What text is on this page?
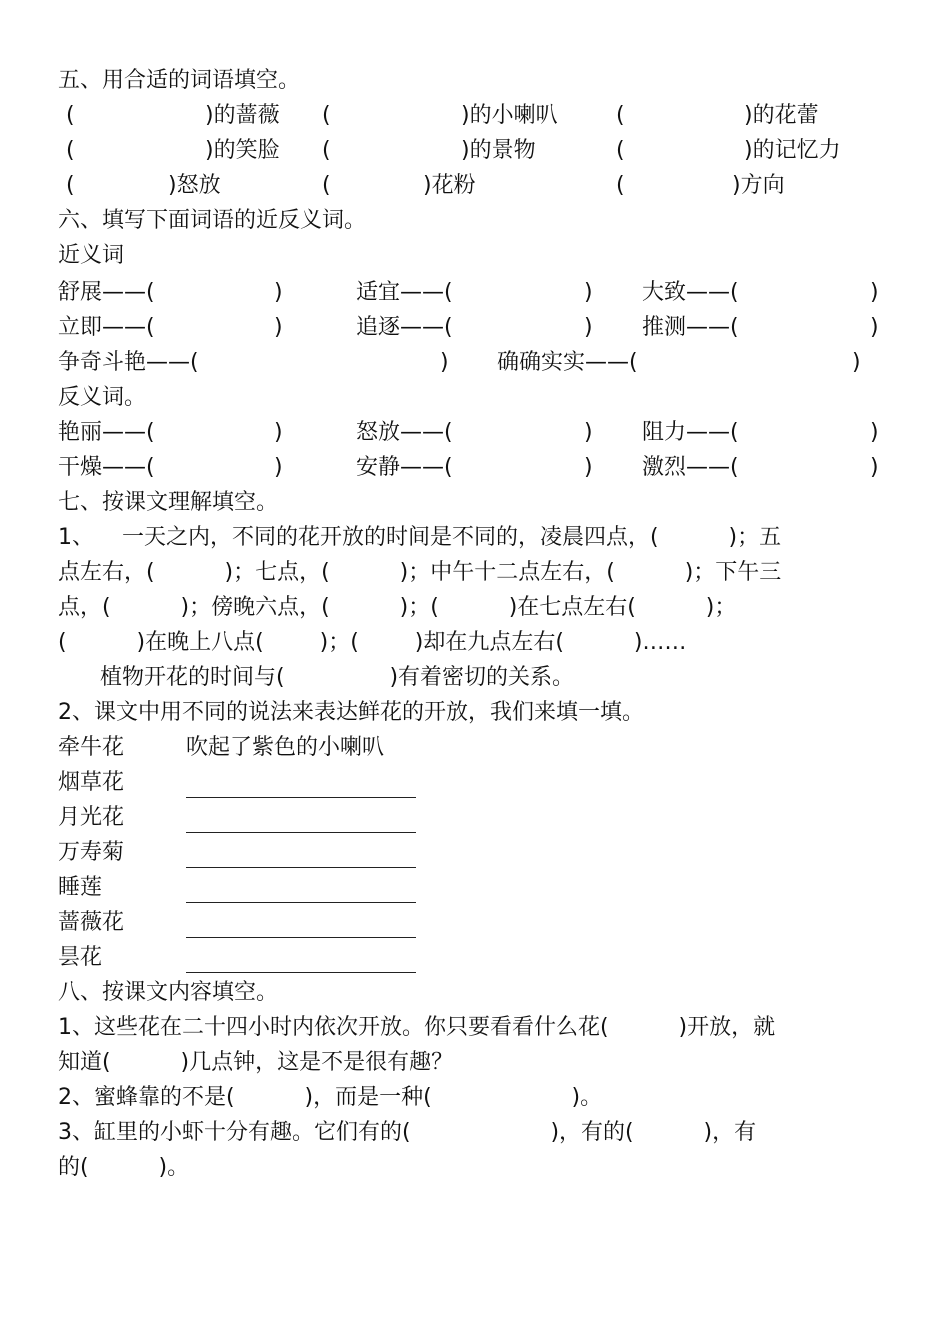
五、用合适的词语填空。
(	)的蔷薇 (	)的小喇叭	(	)的花蕾
(	)的笑脸 (	)的景物	(	)的记忆力
(	)怒放	(	)花粉	(	)方向
六、填写下面词语的近反义词。
近义词
舒展——(	)	适宜——(	) 大致——(	)
立即——(	)	追逐——(	) 推测——(	)
争奇斗艳——(	) 确确实实——(	)
反义词。
艳丽——(	)	怒放——(	) 阻力——(	)
干燥——(	)	安静——(	) 激烈——(	)
七、按课文理解填空。
1、    一天之内，不同的花开放的时间是不同的，凌晨四点，(          )；五
点左右，(          )；七点，(          )；中午十二点左右，(          )；下午三
点，(          )；傍晚六点，(          )；(          )在七点左右(          )；
(          )在晚上八点(        )；(        )却在九点左右(          )……
植物开花的时间与(               )有着密切的关系。
2、课文中用不同的说法来表达鲜花的开放，我们来填一填。
牵牛花	吹起了紫色的小喇叭
烟草花
月光花
万寿菊
睡莲
蔷薇花
昙花
八、按课文内容填空。
1、这些花在二十四小时内依次开放。你只要看看什么花(          )开放，就
知道(          )几点钟，这是不是很有趣？
2、蜜蜂靠的不是(          )，而是一种(                    )。
3、缸里的小虾十分有趣。它们有的(                    )，有的(          )，有
的(          )。
